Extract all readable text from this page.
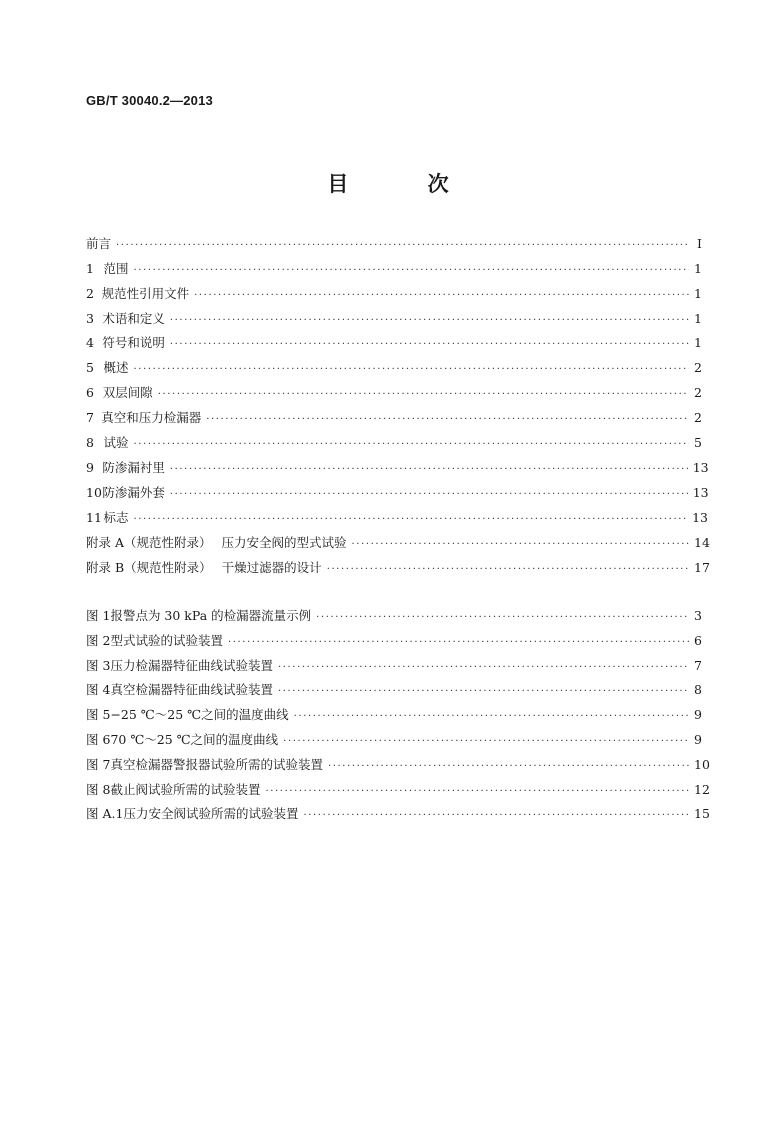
GB/T 30040.2—2013
目 次
前言 ·····	Ⅰ
1 范围 ·····	1
2 规范性引用文件 ·····	1
3 术语和定义 ·····	1
4 符号和说明 ·····	1
5 概述 ·····	2
6 双层间隙 ·····	2
7 真空和压力检漏器 ·····	2
8 试验 ·····	5
9 防渗漏衬里 ·····	13
10 防渗漏外套 ·····	13
11 标志 ·····	13
附录 A（规范性附录） 压力安全阀的型式试验 ·····	14
附录 B（规范性附录） 干燥过滤器的设计 ·····	17
图 1 报警点为 30 kPa 的检漏器流量示例 ·····	3
图 2 型式试验的试验装置 ·····	6
图 3 压力检漏器特征曲线试验装置 ·····	7
图 4 真空检漏器特征曲线试验装置 ·····	8
图 5 −25 ℃～25 ℃之间的温度曲线 ·····	9
图 6 70 ℃～25 ℃之间的温度曲线 ·····	9
图 7 真空检漏器警报器试验所需的试验装置 ·····	10
图 8 截止阀试验所需的试验装置 ·····	12
图 A.1 压力安全阀试验所需的试验装置 ·····	15
